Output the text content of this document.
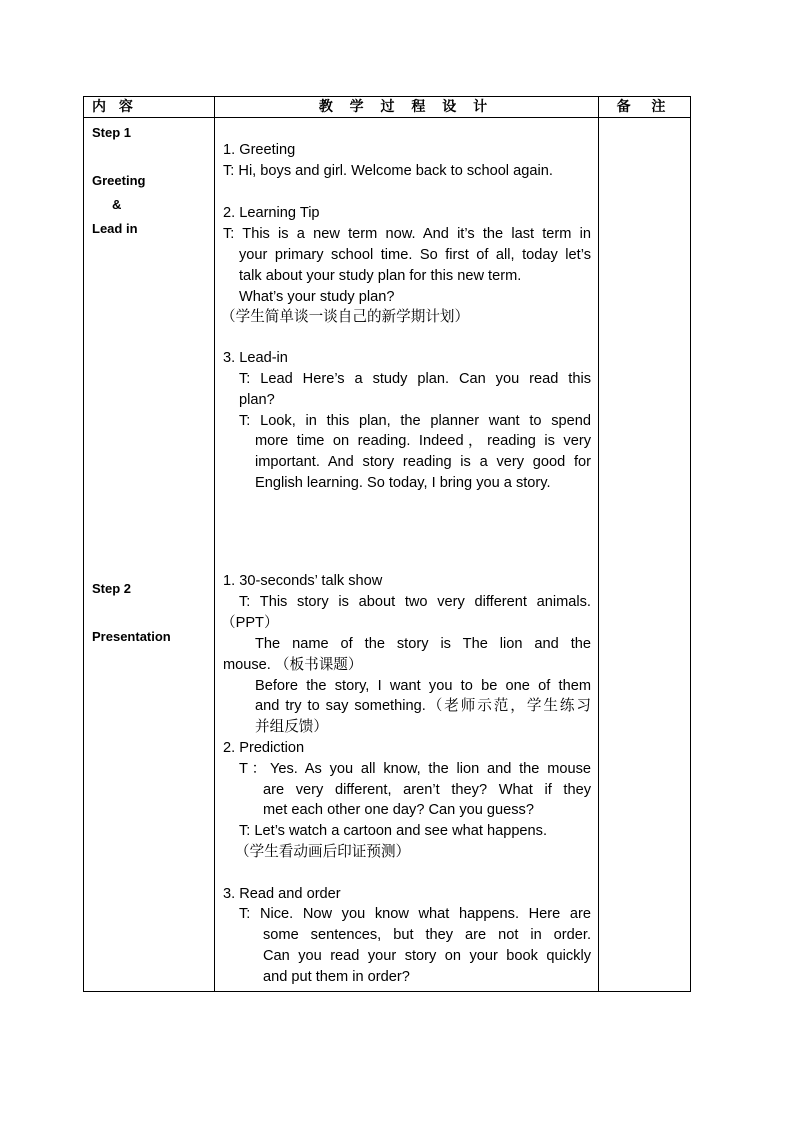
内 容	教 学 过 程 设 计	备 注
Step 1
Greeting
&
Lead in
Step 2
Presentation
1. Greeting
T: Hi, boys and girl. Welcome back to school again.
2. Learning Tip
T: This is a new term now. And it’s the last term in
your primary school time. So first of all, today let’s
talk about your study plan for this new term.
What’s your study plan?
（学生简单谈一谈自己的新学期计划）
3. Lead-in
T: Lead Here’s a study plan. Can you read this
plan?
T: Look, in this plan, the planner want to spend
more time on reading. Indeed，reading is very
important. And story reading is a very good for
English learning. So today, I bring you a story.
1. 30-seconds’ talk show
T: This story is about two very different animals.
（PPT）
The name of the story is The lion and the
mouse. （板书课题）
Before the story, I want you to be one of them
and try to say something.（老师示范，学生练习
并组反馈）
2. Prediction
T：Yes. As you all know, the lion and the mouse
are very different, aren’t they? What if they
met each other one day? Can you guess?
T: Let’s watch a cartoon and see what happens.
（学生看动画后印证预测）
3. Read and order
T: Nice. Now you know what happens. Here are
some sentences, but they are not in order.
Can you read your story on your book quickly
and put them in order?
